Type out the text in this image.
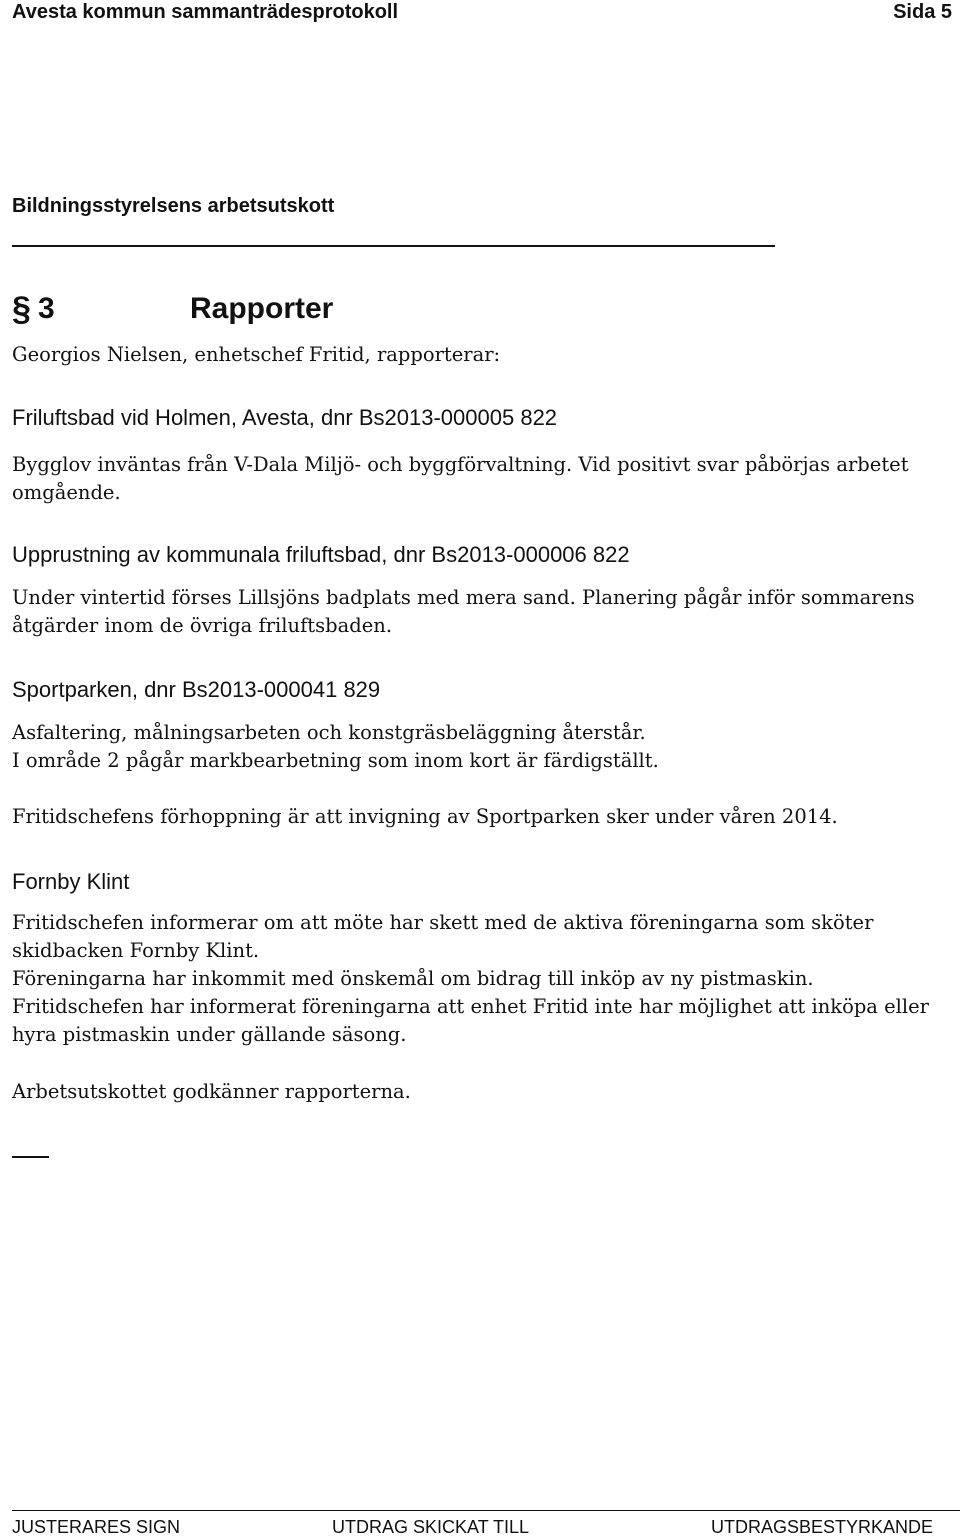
Avesta kommun sammanträdesprotokoll	Sida 5
Bildningsstyrelsens arbetsutskott
§ 3	Rapporter
Georgios Nielsen, enhetschef Fritid, rapporterar:
Friluftsbad vid Holmen, Avesta, dnr Bs2013-000005 822
Bygglov inväntas från V-Dala Miljö- och byggförvaltning. Vid positivt svar påbörjas arbetet
omgående.
Upprustning av kommunala friluftsbad, dnr Bs2013-000006 822
Under vintertid förses Lillsjöns badplats med mera sand. Planering pågår inför sommarens
åtgärder inom de övriga friluftsbaden.
Sportparken, dnr Bs2013-000041 829
Asfaltering, målningsarbeten och konstgräsbeläggning återstår.
I område 2 pågår markbearbetning som inom kort är färdigställt.
Fritidschefens förhoppning är att invigning av Sportparken sker under våren 2014.
Fornby Klint
Fritidschefen informerar om att möte har skett med de aktiva föreningarna som sköter
skidbacken Fornby Klint.
Föreningarna har inkommit med önskemål om bidrag till inköp av ny pistmaskin.
Fritidschefen har informerat föreningarna att enhet Fritid inte har möjlighet att inköpa eller
hyra pistmaskin under gällande säsong.
Arbetsutskottet godkänner rapporterna.
JUSTERARES SIGN	UTDRAG SKICKAT TILL	UTDRAGSBESTYRKANDE
